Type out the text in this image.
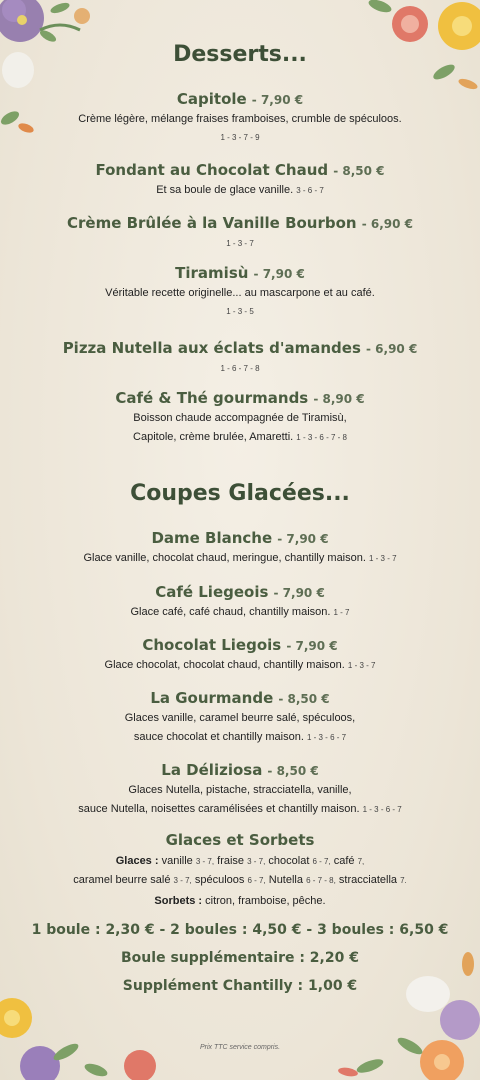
Desserts...
Capitole - 7,90 €
Crème légère, mélange fraises framboises, crumble de spéculoos.
1 - 3 - 7 - 9
Fondant au Chocolat Chaud - 8,50 €
Et sa boule de glace vanille. 3 - 6 - 7
Crème Brûlée à la Vanille Bourbon - 6,90 €
1 - 3 - 7
Tiramisù - 7,90 €
Véritable recette originelle... au mascarpone et au café.
1 - 3 - 5
Pizza Nutella aux éclats d'amandes - 6,90 €
1 - 6 - 7 - 8
Café & Thé gourmands - 8,90 €
Boisson chaude accompagnée de Tiramisù,
Capitole, crème brulée, Amaretti. 1 - 3 - 6 - 7 - 8
Coupes Glacées...
Dame Blanche - 7,90 €
Glace vanille, chocolat chaud, meringue, chantilly maison. 1 - 3 - 7
Café Liegeois - 7,90 €
Glace café, café chaud, chantilly maison. 1 - 7
Chocolat Liegois - 7,90 €
Glace chocolat, chocolat chaud, chantilly maison. 1 - 3 - 7
La Gourmande - 8,50 €
Glaces vanille, caramel beurre salé, spéculoos,
sauce chocolat et chantilly maison. 1 - 3 - 6 - 7
La Déliziosa - 8,50 €
Glaces Nutella, pistache, stracciatella, vanille,
sauce Nutella, noisettes caramélisées et chantilly maison. 1 - 3 - 6 - 7
Glaces et Sorbets
Glaces : vanille 3 - 7, fraise 3 - 7, chocolat 6 - 7, café 7,
caramel beurre salé 3 - 7, spéculoos 6 - 7, Nutella 6 - 7 - 8, stracciatella 7.
Sorbets : citron, framboise, pêche.
1 boule : 2,30 € - 2 boules : 4,50 € - 3 boules : 6,50 €
Boule supplémentaire : 2,20 €
Supplément Chantilly : 1,00 €
Prix TTC service compris.
